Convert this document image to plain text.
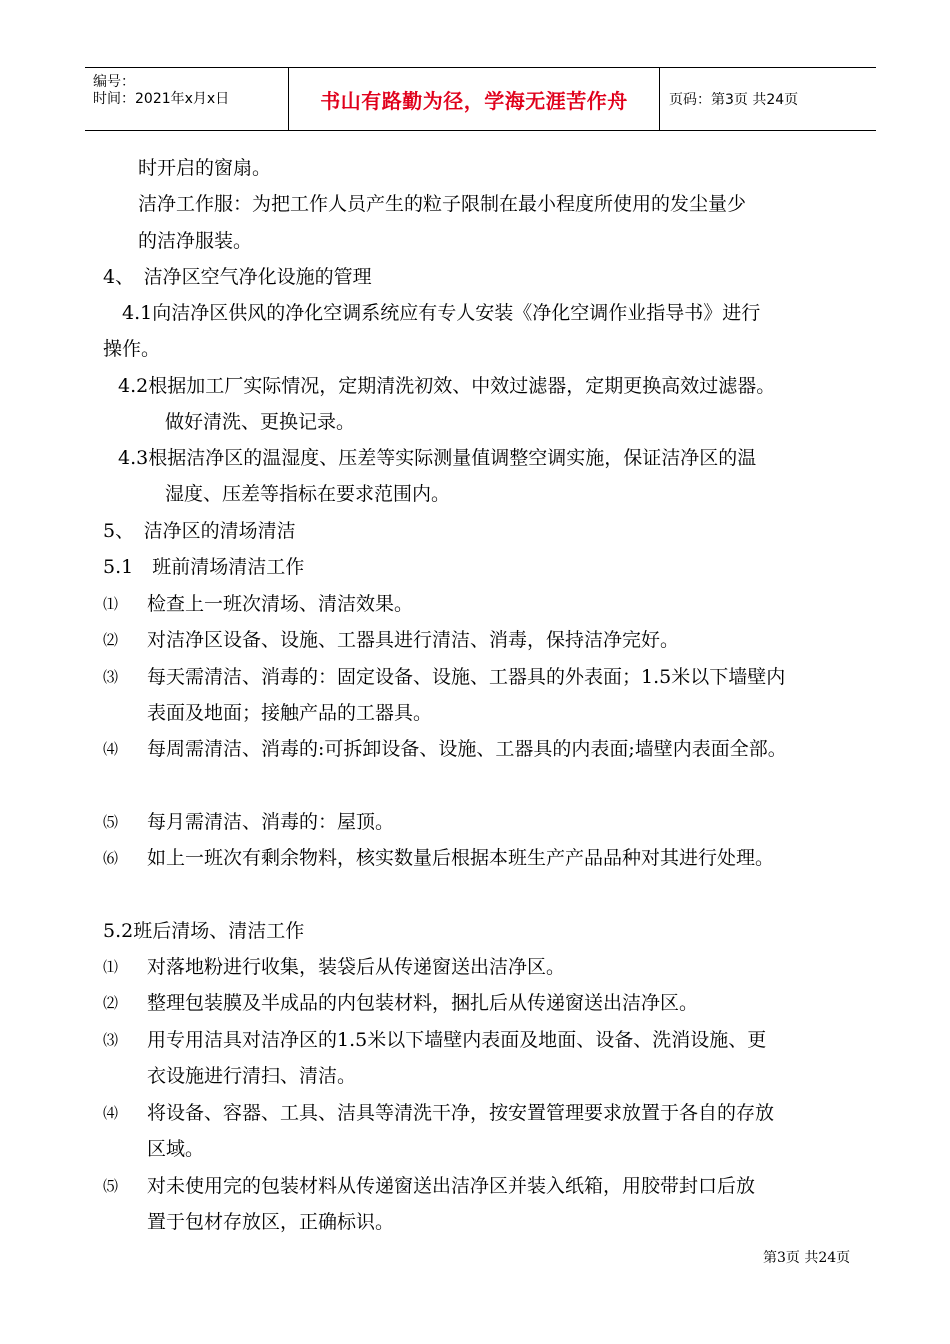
编号：
时间：2021年x月x日	书山有路勤为径，学海无涯苦作舟	页码：第3页 共24页
时开启的窗扇。
洁净工作服：为把工作人员产生的粒子限制在最小程度所使用的发尘量少
的洁净服装。
4、　洁净区空气净化设施的管理
4.1向洁净区供风的净化空调系统应有专人安装《净化空调作业指导书》进行
操作。
4.2根据加工厂实际情况，定期清洗初效、中效过滤器，定期更换高效过滤器。
做好清洗、更换记录。
4.3根据洁净区的温湿度、压差等实际测量值调整空调实施，保证洁净区的温
湿度、压差等指标在要求范围内。
5、　洁净区的清场清洁
5.1　班前清场清洁工作
⑴ 检查上一班次清场、清洁效果。
⑵ 对洁净区设备、设施、工器具进行清洁、消毒，保持洁净完好。
⑶ 每天需清洁、消毒的：固定设备、设施、工器具的外表面；1.5米以下墙壁内
表面及地面；接触产品的工器具。
⑷ 每周需清洁、消毒的:可拆卸设备、设施、工器具的内表面;墙壁内表面全部。
⑸ 每月需清洁、消毒的：屋顶。
⑹ 如上一班次有剩余物料，核实数量后根据本班生产产品品种对其进行处理。
5.2班后清场、清洁工作
⑴ 对落地粉进行收集，装袋后从传递窗送出洁净区。
⑵ 整理包装膜及半成品的内包装材料，捆扎后从传递窗送出洁净区。
⑶ 用专用洁具对洁净区的1.5米以下墙壁内表面及地面、设备、洗消设施、更
衣设施进行清扫、清洁。
⑷ 将设备、容器、工具、洁具等清洗干净，按安置管理要求放置于各自的存放
区域。
⑸ 对未使用完的包装材料从传递窗送出洁净区并装入纸箱，用胶带封口后放
置于包材存放区，正确标识。
第3页 共24页
